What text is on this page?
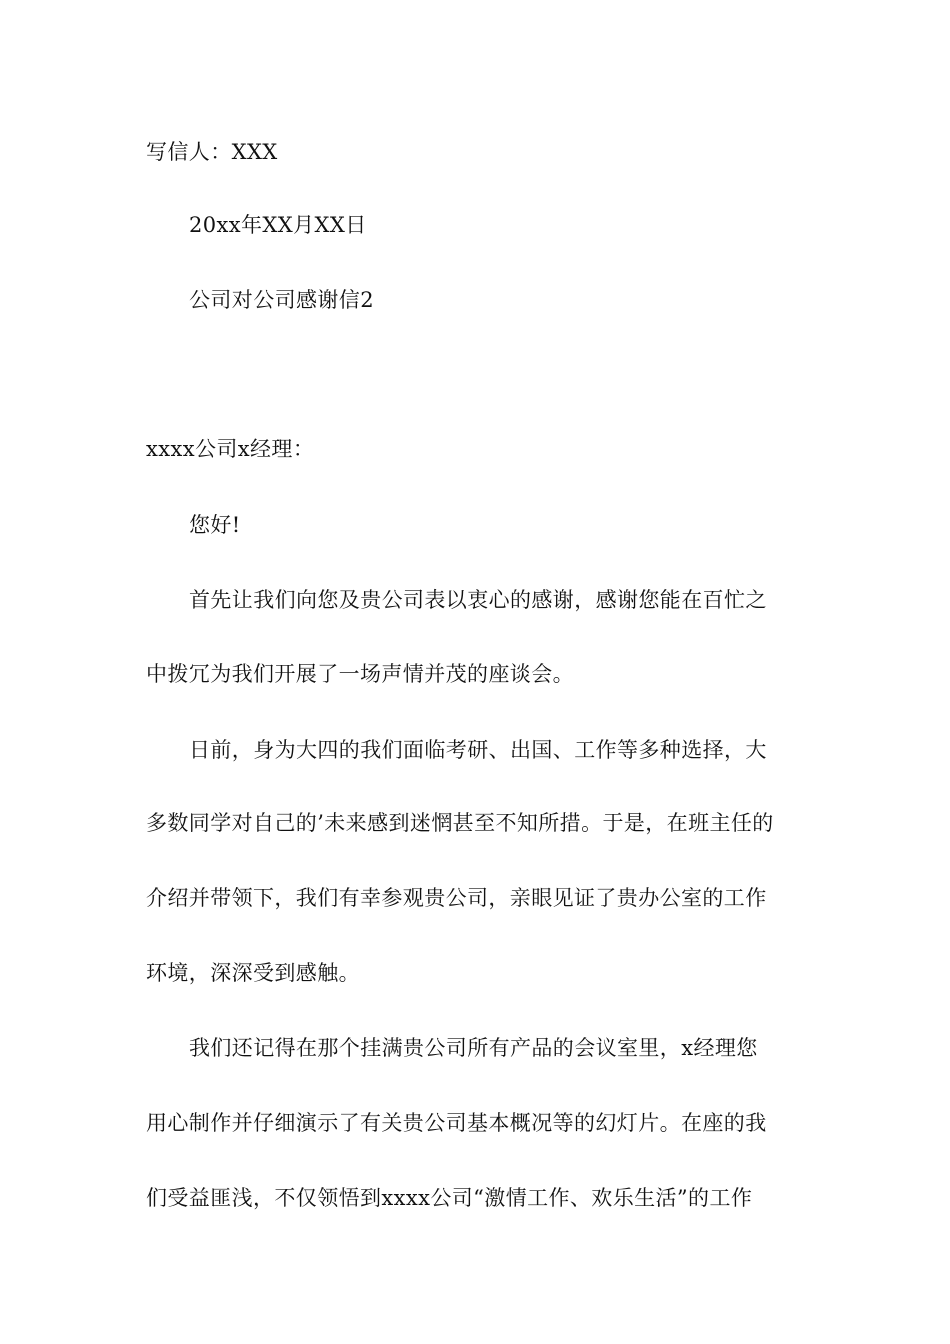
写信人：XXX
20xx年XX月XX日
公司对公司感谢信2
xxxx公司x经理：
您好!
首先让我们向您及贵公司表以衷心的感谢，感谢您能在百忙之
中拨冗为我们开展了一场声情并茂的座谈会。
日前，身为大四的我们面临考研、出国、工作等多种选择，大
多数同学对自己的’未来感到迷惘甚至不知所措。于是，在班主任的
介绍并带领下，我们有幸参观贵公司，亲眼见证了贵办公室的工作
环境，深深受到感触。
我们还记得在那个挂满贵公司所有产品的会议室里，x经理您
用心制作并仔细演示了有关贵公司基本概况等的幻灯片。在座的我
们受益匪浅，不仅领悟到xxxx公司“激情工作、欢乐生活”的工作
